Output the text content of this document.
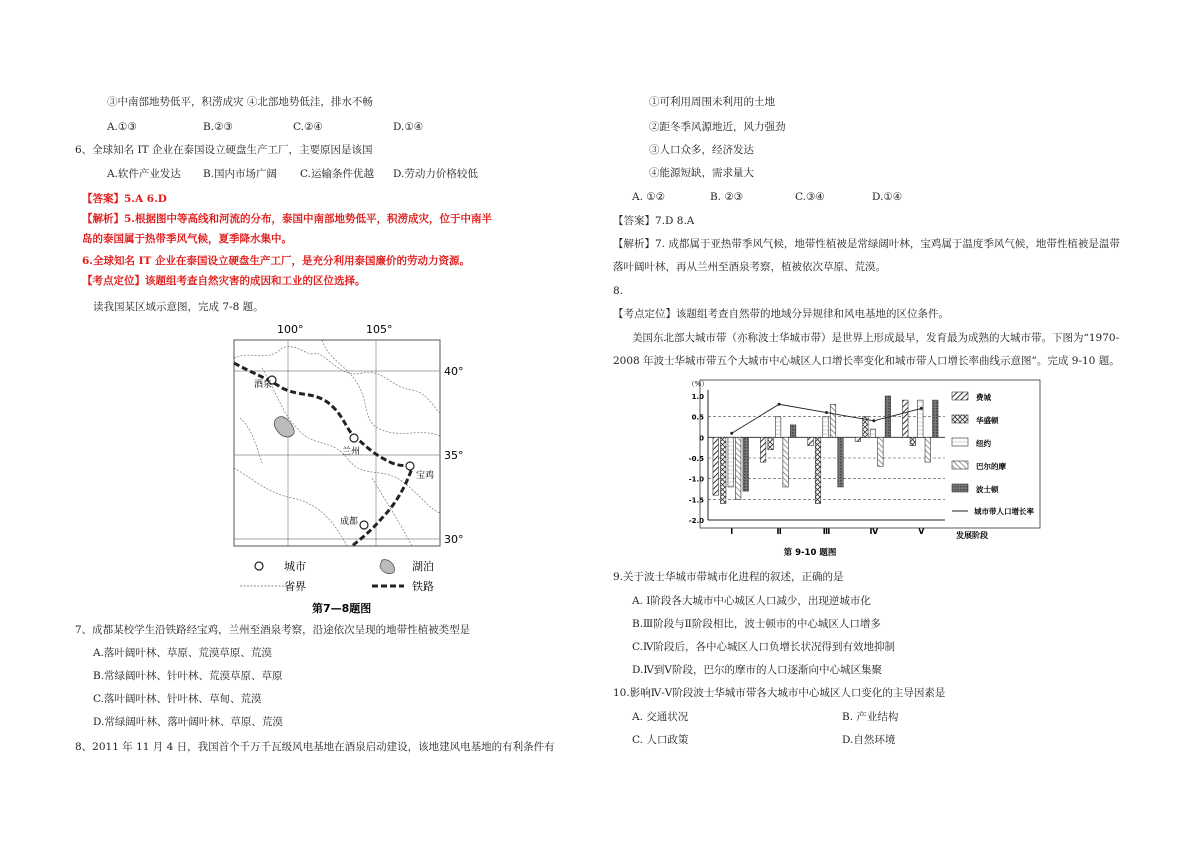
③中南部地势低平，积涝成灾 ④北部地势低洼，排水不畅
A.①③	B.②③	C.②④	D.①④
6、全球知名 IT 企业在泰国设立硬盘生产工厂，主要原因是该国
A.软件产业发达 B.国内市场广阔 C.运输条件优越 D.劳动力价格较低
【答案】5.A 6.D
【解析】5.根据图中等高线和河流的分布，泰国中南部地势低平，积涝成灾，位于中南半
岛的泰国属于热带季风气候，夏季降水集中。
6.全球知名 IT 企业在泰国设立硬盘生产工厂，是充分利用泰国廉价的劳动力资源。
【考点定位】该题组考查自然灾害的成因和工业的区位选择。
读我国某区域示意图，完成 7-8 题。
100°	105°
40°
35°
30°
酒泉
兰州
宝鸡
成都
城市	湖泊
省界	铁路
第7—8题图
7、成都某校学生沿铁路经宝鸡，兰州至酒泉考察，沿途依次呈现的地带性植被类型是
A.落叶阔叶林、草原、荒漠草原、荒漠
B.常绿阔叶林、针叶林、荒漠草原、草原
C.落叶阔叶林、针叶林、草甸、荒漠
D.常绿阔叶林、落叶阔叶林、草原、荒漠
8、2011 年 11 月 4 日，我国首个千万千瓦级风电基地在酒泉启动建设，该地建风电基地的有利条件有
①可利用周围未利用的土地
②距冬季风源地近，风力强劲
③人口众多，经济发达
④能源短缺，需求量大
A. ①②	B. ②③	C.③④	D.①④
【答案】7.D 8.A
【解析】7. 成都属于亚热带季风气候，地带性植被是常绿阔叶林，宝鸡属于温度季风气候，地带性植被是温带
落叶阔叶林，再从兰州至酒泉考察，植被依次草原、荒漠。
8.
【考点定位】该题组考查自然带的地域分异规律和风电基地的区位条件。
美国东北部大城市带（亦称波士华城市带）是世界上形成最早，发育最为成熟的大城市带。下图为“1970-
2008 年波士华城市带五个大城市中心城区人口增长率变化和城市带人口增长率曲线示意图”。完成 9-10 题。
1.0
0.5
0
-0.5
-1.0
-1.5
-2.0
（%）
Ⅰ	Ⅱ	Ⅲ	Ⅳ	Ⅴ
费城
华盛顿
纽约
巴尔的摩
波士顿
城市带人口增长率
发展阶段
第 9-10 题图
9.关于波士华城市带城市化进程的叙述，正确的是
A. Ⅰ阶段各大城市中心城区人口减少，出现逆城市化
B.Ⅲ阶段与Ⅱ阶段相比，波士顿市的中心城区人口增多
C.Ⅳ阶段后，各中心城区人口负增长状况得到有效地抑制
D.Ⅳ到Ⅴ阶段，巴尔的摩市的人口逐渐向中心城区集聚
10.影响Ⅳ-Ⅴ阶段波士华城市带各大城市中心城区人口变化的主导因素是
A. 交通状况	B. 产业结构
C. 人口政策	D.自然环境
